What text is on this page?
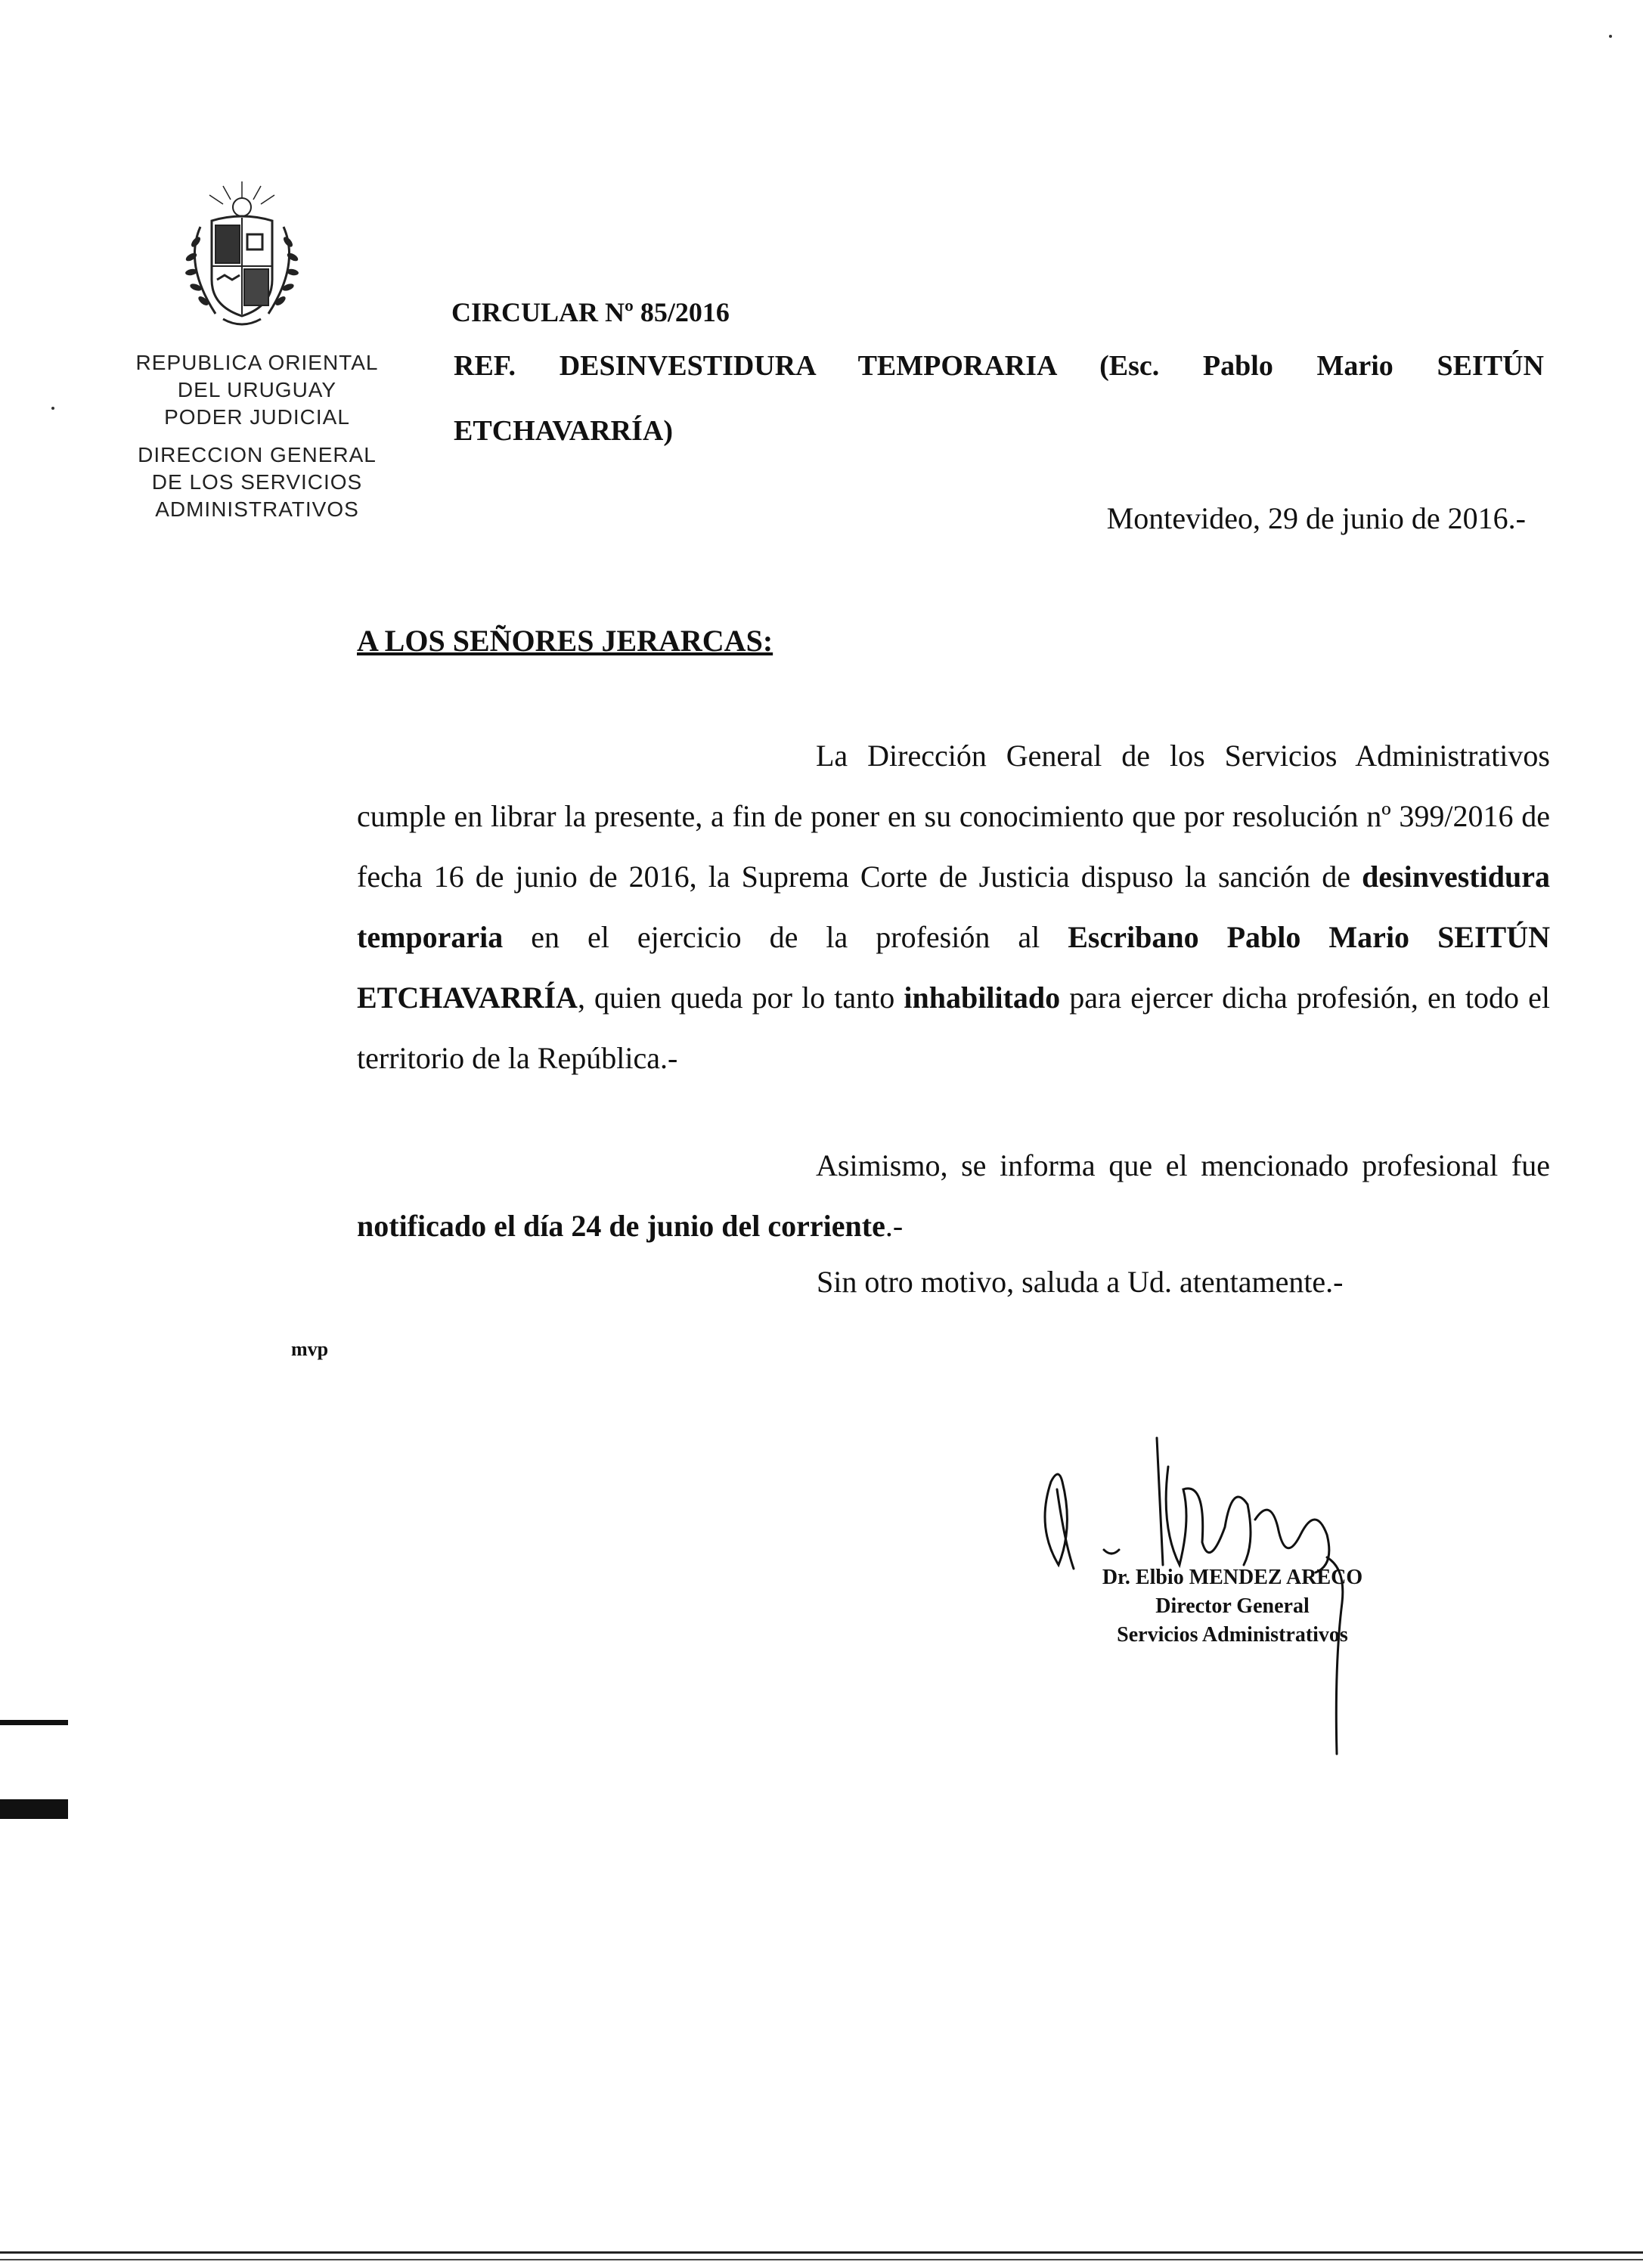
REPUBLICA ORIENTAL
DEL URUGUAY
PODER JUDICIAL
DIRECCION GENERAL
DE LOS SERVICIOS
ADMINISTRATIVOS
CIRCULAR Nº 85/2016
REF. DESINVESTIDURA TEMPORARIA (Esc. Pablo Mario SEITÚN
ETCHAVARRÍA)
Montevideo, 29 de junio de 2016.-
A LOS SEÑORES JERARCAS:
La Dirección General de los Servicios Administrativos cumple en librar la presente, a fin de poner en su conocimiento que por resolución nº 399/2016 de fecha 16 de junio de 2016, la Suprema Corte de Justicia dispuso la sanción de desinvestidura temporaria en el ejercicio de la profesión al Escribano Pablo Mario SEITÚN ETCHAVARRÍA, quien queda por lo tanto inhabilitado para ejercer dicha profesión, en todo el territorio de la República.-
Asimismo, se informa que el mencionado profesional fue notificado el día 24 de junio del corriente.-
Sin otro motivo, saluda a Ud. atentamente.-
mvp
Dr. Elbio MENDEZ ARECO
Director General
Servicios Administrativos
